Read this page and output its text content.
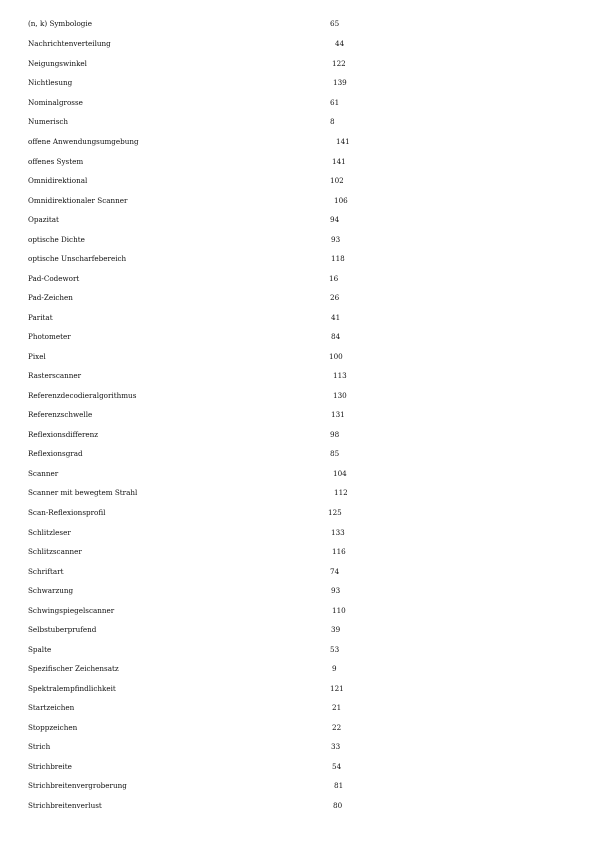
(n, k) Symbologie	65
Nachrichtenverteilung	44
Neigungswinkel	122
Nichtlesung	139
Nominalgrosse	61
Numerisch	8
offene Anwendungsumgebung	141
offenes System	141
Omnidirektional	102
Omnidirektionaler Scanner	106
Opazitat	94
optische Dichte	93
optische Unscharfebereich	118
Pad-Codewort	16
Pad-Zeichen	26
Paritat	41
Photometer	84
Pixel	100
Rasterscanner	113
Referenzdecodieralgorithmus	130
Referenzschwelle	131
Reflexionsdifferenz	98
Reflexionsgrad	85
Scanner	104
Scanner mit bewegtem Strahl	112
Scan-Reflexionsprofil	125
Schlitzleser	133
Schlitzscanner	116
Schriftart	74
Schwarzung	93
Schwingspiegelscanner	110
Selbstuberprufend	39
Spalte	53
Spezifischer Zeichensatz	9
Spektralempfindlichkeit	121
Startzeichen	21
Stoppzeichen	22
Strich	33
Strichbreite	54
Strichbreitenvergroberung	81
Strichbreitenverlust	80
